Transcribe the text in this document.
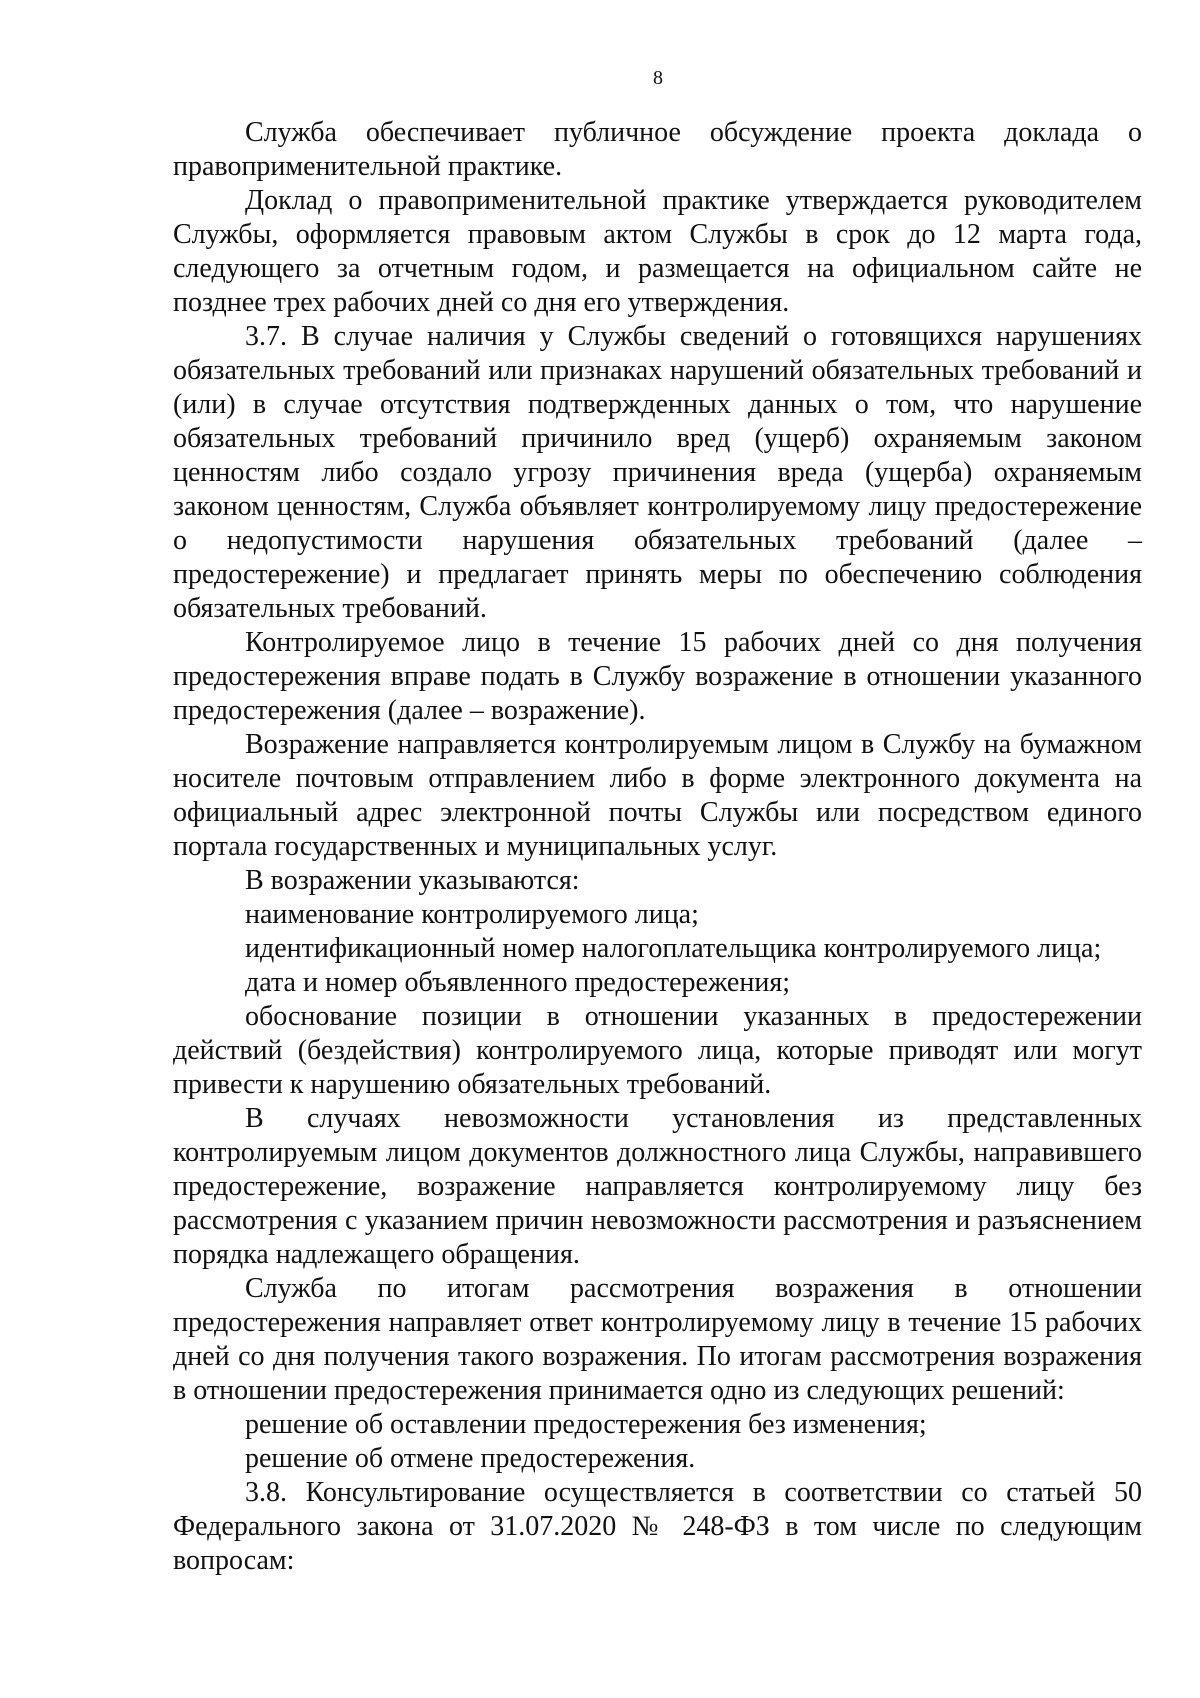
8

Служба обеспечивает публичное обсуждение проекта доклада о правоприменительной практике.

Доклад о правоприменительной практике утверждается руководителем Службы, оформляется правовым актом Службы в срок до 12 марта года, следующего за отчетным годом, и размещается на официальном сайте не позднее трех рабочих дней со дня его утверждения.

3.7. В случае наличия у Службы сведений о готовящихся нарушениях обязательных требований или признаках нарушений обязательных требований и (или) в случае отсутствия подтвержденных данных о том, что нарушение обязательных требований причинило вред (ущерб) охраняемым законом ценностям либо создало угрозу причинения вреда (ущерба) охраняемым законом ценностям, Служба объявляет контролируемому лицу предостережение о недопустимости нарушения обязательных требований (далее – предостережение) и предлагает принять меры по обеспечению соблюдения обязательных требований.

Контролируемое лицо в течение 15 рабочих дней со дня получения предостережения вправе подать в Службу возражение в отношении указанного предостережения (далее – возражение).

Возражение направляется контролируемым лицом в Службу на бумажном носителе почтовым отправлением либо в форме электронного документа на официальный адрес электронной почты Службы или посредством единого портала государственных и муниципальных услуг.

В возражении указываются:

наименование контролируемого лица;

идентификационный номер налогоплательщика контролируемого лица;

дата и номер объявленного предостережения;

обоснование позиции в отношении указанных в предостережении действий (бездействия) контролируемого лица, которые приводят или могут привести к нарушению обязательных требований.

В случаях невозможности установления из представленных контролируемым лицом документов должностного лица Службы, направившего предостережение, возражение направляется контролируемому лицу без рассмотрения с указанием причин невозможности рассмотрения и разъяснением порядка надлежащего обращения.

Служба по итогам рассмотрения возражения в отношении предостережения направляет ответ контролируемому лицу в течение 15 рабочих дней со дня получения такого возражения. По итогам рассмотрения возражения в отношении предостережения принимается одно из следующих решений:

решение об оставлении предостережения без изменения;

решение об отмене предостережения.

3.8. Консультирование осуществляется в соответствии со статьей 50 Федерального закона от 31.07.2020 № 248-ФЗ в том числе по следующим вопросам:
